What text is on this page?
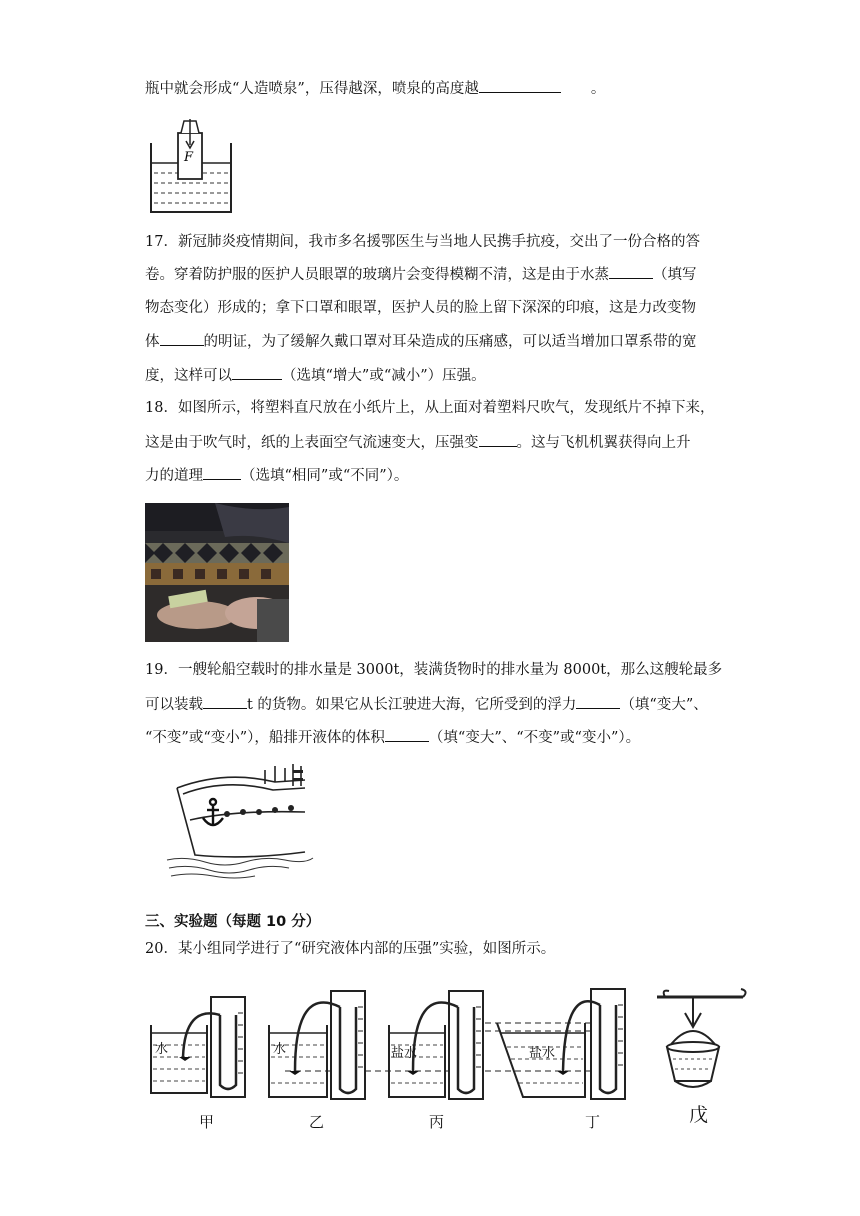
瓶中就会形成“人造喷泉”，压得越深，喷泉的高度越	。
F
17．新冠肺炎疫情期间，我市多名援鄂医生与当地人民携手抗疫，交出了一份合格的答
卷。穿着防护服的医护人员眼罩的玻璃片会变得模糊不清，这是由于水蒸	（填写
物态变化）形成的；拿下口罩和眼罩，医护人员的脸上留下深深的印痕，这是力改变物
体	的明证，为了缓解久戴口罩对耳朵造成的压痛感，可以适当增加口罩系带的宽
度，这样可以	（选填“增大”或“减小”）压强。
18．如图所示，将塑料直尺放在小纸片上，从上面对着塑料尺吹气，发现纸片不掉下来，
这是由于吹气时，纸的上表面空气流速变大，压强变	。这与飞机机翼获得向上升
力的道理	（选填“相同”或“不同”）。
19．一艘轮船空载时的排水量是 3000t，装满货物时的排水量为 8000t，那么这艘轮最多
可以装载	t 的货物。如果它从长江驶进大海，它所受到的浮力	（填“变大”、
“不变”或“变小”），船排开液体的体积	（填“变大”、“不变”或“变小”）。
三、实验题（每题 10 分）
20．某小组同学进行了“研究液体内部的压强”实验，如图所示。
水	水	盐水	盐水
甲	乙	丙	丁	戊
